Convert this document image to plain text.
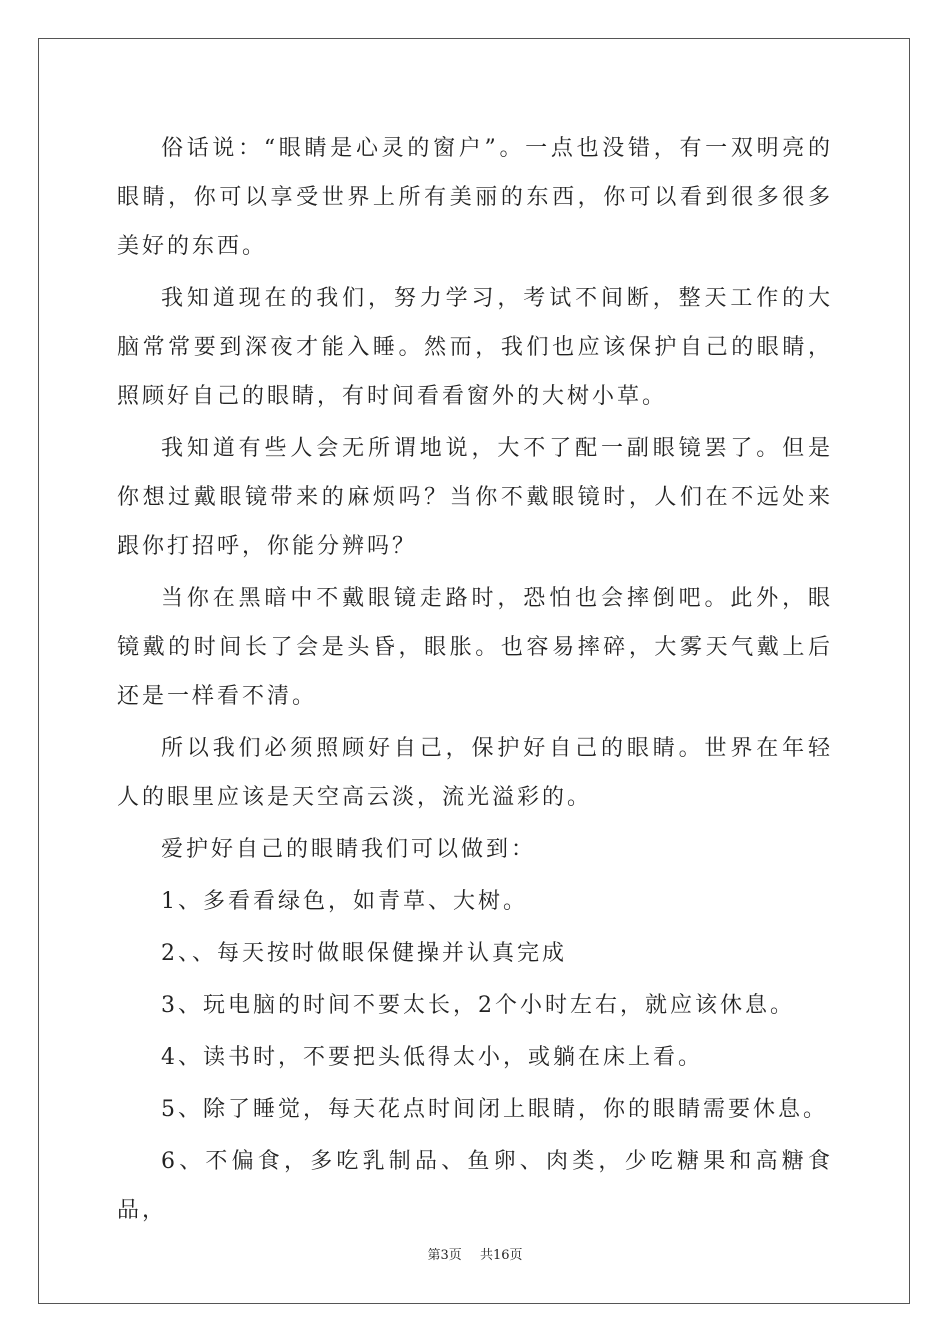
俗话说：“眼睛是心灵的窗户”。一点也没错，有一双明亮的眼睛，你可以享受世界上所有美丽的东西，你可以看到很多很多美好的东西。

我知道现在的我们，努力学习，考试不间断，整天工作的大脑常常要到深夜才能入睡。然而，我们也应该保护自己的眼睛，照顾好自己的眼睛，有时间看看窗外的大树小草。

我知道有些人会无所谓地说，大不了配一副眼镜罢了。但是你想过戴眼镜带来的麻烦吗？当你不戴眼镜时，人们在不远处来跟你打招呼，你能分辨吗？

当你在黑暗中不戴眼镜走路时，恐怕也会摔倒吧。此外，眼镜戴的时间长了会是头昏，眼胀。也容易摔碎，大雾天气戴上后还是一样看不清。

所以我们必须照顾好自己，保护好自己的眼睛。世界在年轻人的眼里应该是天空高云淡，流光溢彩的。

爱护好自己的眼睛我们可以做到：

1、多看看绿色，如青草、大树。

2、、每天按时做眼保健操并认真完成

3、玩电脑的时间不要太长，2个小时左右，就应该休息。

4、读书时，不要把头低得太小，或躺在床上看。

5、除了睡觉，每天花点时间闭上眼睛，你的眼睛需要休息。

6、不偏食，多吃乳制品、鱼卵、肉类，少吃糖果和高糖食品，

第3页 共16页
